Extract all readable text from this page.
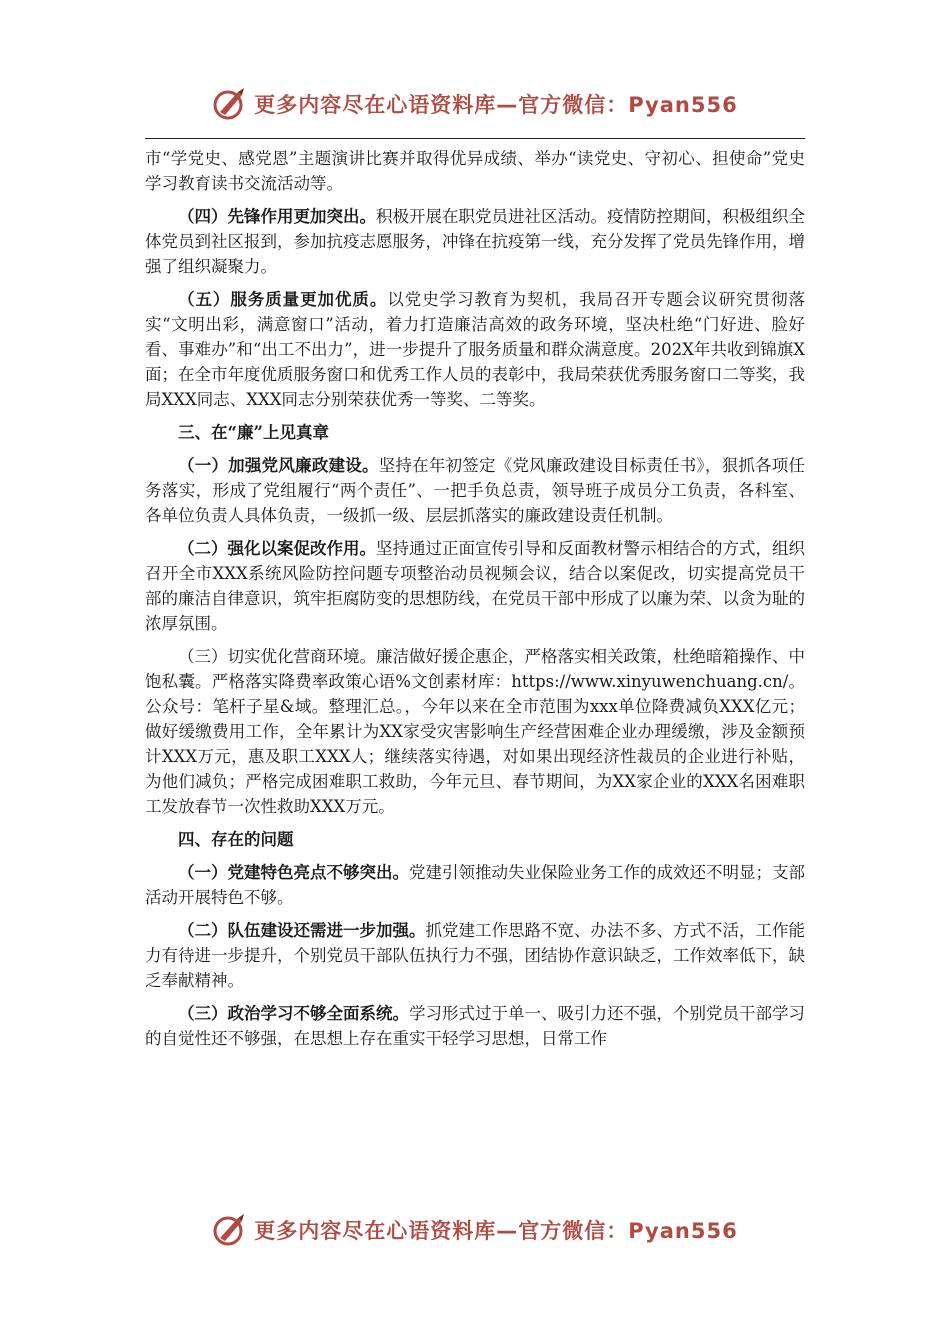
更多内容尽在心语资料库—官方微信：Pyan556

市“学党史、感党恩”主题演讲比赛并取得优异成绩、举办“读党史、守初心、担使命”党史学习教育读书交流活动等。

（四）先锋作用更加突出。积极开展在职党员进社区活动。疫情防控期间，积极组织全体党员到社区报到，参加抗疫志愿服务，冲锋在抗疫第一线，充分发挥了党员先锋作用，增强了组织凝聚力。

（五）服务质量更加优质。以党史学习教育为契机，我局召开专题会议研究贯彻落实“文明出彩，满意窗口”活动，着力打造廉洁高效的政务环境，坚决杜绝“门好进、脸好看、事难办”和“出工不出力”，进一步提升了服务质量和群众满意度。202X年共收到锦旗X面；在全市年度优质服务窗口和优秀工作人员的表彰中，我局荣获优秀服务窗口二等奖，我局XXX同志、XXX同志分别荣获优秀一等奖、二等奖。

三、在“廉”上见真章

（一）加强党风廉政建设。坚持在年初签定《党风廉政建设目标责任书》，狠抓各项任务落实，形成了党组履行“两个责任”、一把手负总责，领导班子成员分工负责，各科室、各单位负责人具体负责，一级抓一级、层层抓落实的廉政建设责任机制。

（二）强化以案促改作用。坚持通过正面宣传引导和反面教材警示相结合的方式，组织召开全市XXX系统风险防控问题专项整治动员视频会议，结合以案促改，切实提高党员干部的廉洁自律意识，筑牢拒腐防变的思想防线，在党员干部中形成了以廉为荣、以贪为耻的浓厚氛围。

（三）切实优化营商环境。廉洁做好援企惠企，严格落实相关政策，杜绝暗箱操作、中饱私囊。严格落实降费率政策心语%文创素材库：https://www.xinyuwenchuang.cn/。公众号：笔杆子星&域。整理汇总。，今年以来在全市范围为xxx单位降费减负XXX亿元；做好缓缴费用工作，全年累计为XX家受灾害影响生产经营困难企业办理缓缴，涉及金额预计XXX万元，惠及职工XXX人；继续落实待遇，对如果出现经济性裁员的企业进行补贴，为他们减负；严格完成困难职工救助，今年元旦、春节期间，为XX家企业的XXX名困难职工发放春节一次性救助XXX万元。

四、存在的问题

（一）党建特色亮点不够突出。党建引领推动失业保险业务工作的成效还不明显；支部活动开展特色不够。

（二）队伍建设还需进一步加强。抓党建工作思路不宽、办法不多、方式不活，工作能力有待进一步提升，个别党员干部队伍执行力不强，团结协作意识缺乏，工作效率低下，缺乏奉献精神。

（三）政治学习不够全面系统。学习形式过于单一、吸引力还不强，个别党员干部学习的自觉性还不够强，在思想上存在重实干轻学习思想，日常工作

更多内容尽在心语资料库—官方微信：Pyan556
